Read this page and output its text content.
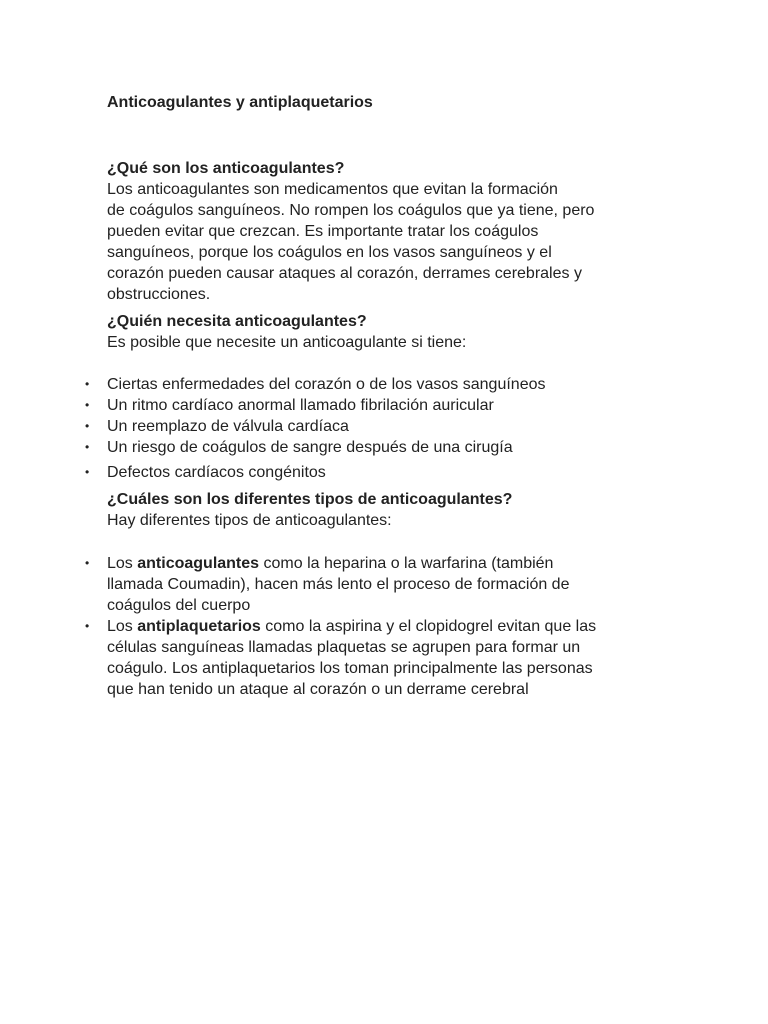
Anticoagulantes y antiplaquetarios
¿Qué son los anticoagulantes?
Los anticoagulantes son medicamentos que evitan la formación
de coágulos sanguíneos. No rompen los coágulos que ya tiene, pero
pueden evitar que crezcan. Es importante tratar los coágulos
sanguíneos, porque los coágulos en los vasos sanguíneos y el
corazón pueden causar ataques al corazón, derrames cerebrales y
obstrucciones.
¿Quién necesita anticoagulantes?
Es posible que necesite un anticoagulante si tiene:
• Ciertas enfermedades del corazón o de los vasos sanguíneos
• Un ritmo cardíaco anormal llamado fibrilación auricular
• Un reemplazo de válvula cardíaca
• Un riesgo de coágulos de sangre después de una cirugía
• Defectos cardíacos congénitos
¿Cuáles son los diferentes tipos de anticoagulantes?
Hay diferentes tipos de anticoagulantes:
• Los anticoagulantes como la heparina o la warfarina (también
llamada Coumadin), hacen más lento el proceso de formación de
coágulos del cuerpo
• Los antiplaquetarios como la aspirina y el clopidogrel evitan que las
células sanguíneas llamadas plaquetas se agrupen para formar un
coágulo. Los antiplaquetarios los toman principalmente las personas
que han tenido un ataque al corazón o un derrame cerebral
